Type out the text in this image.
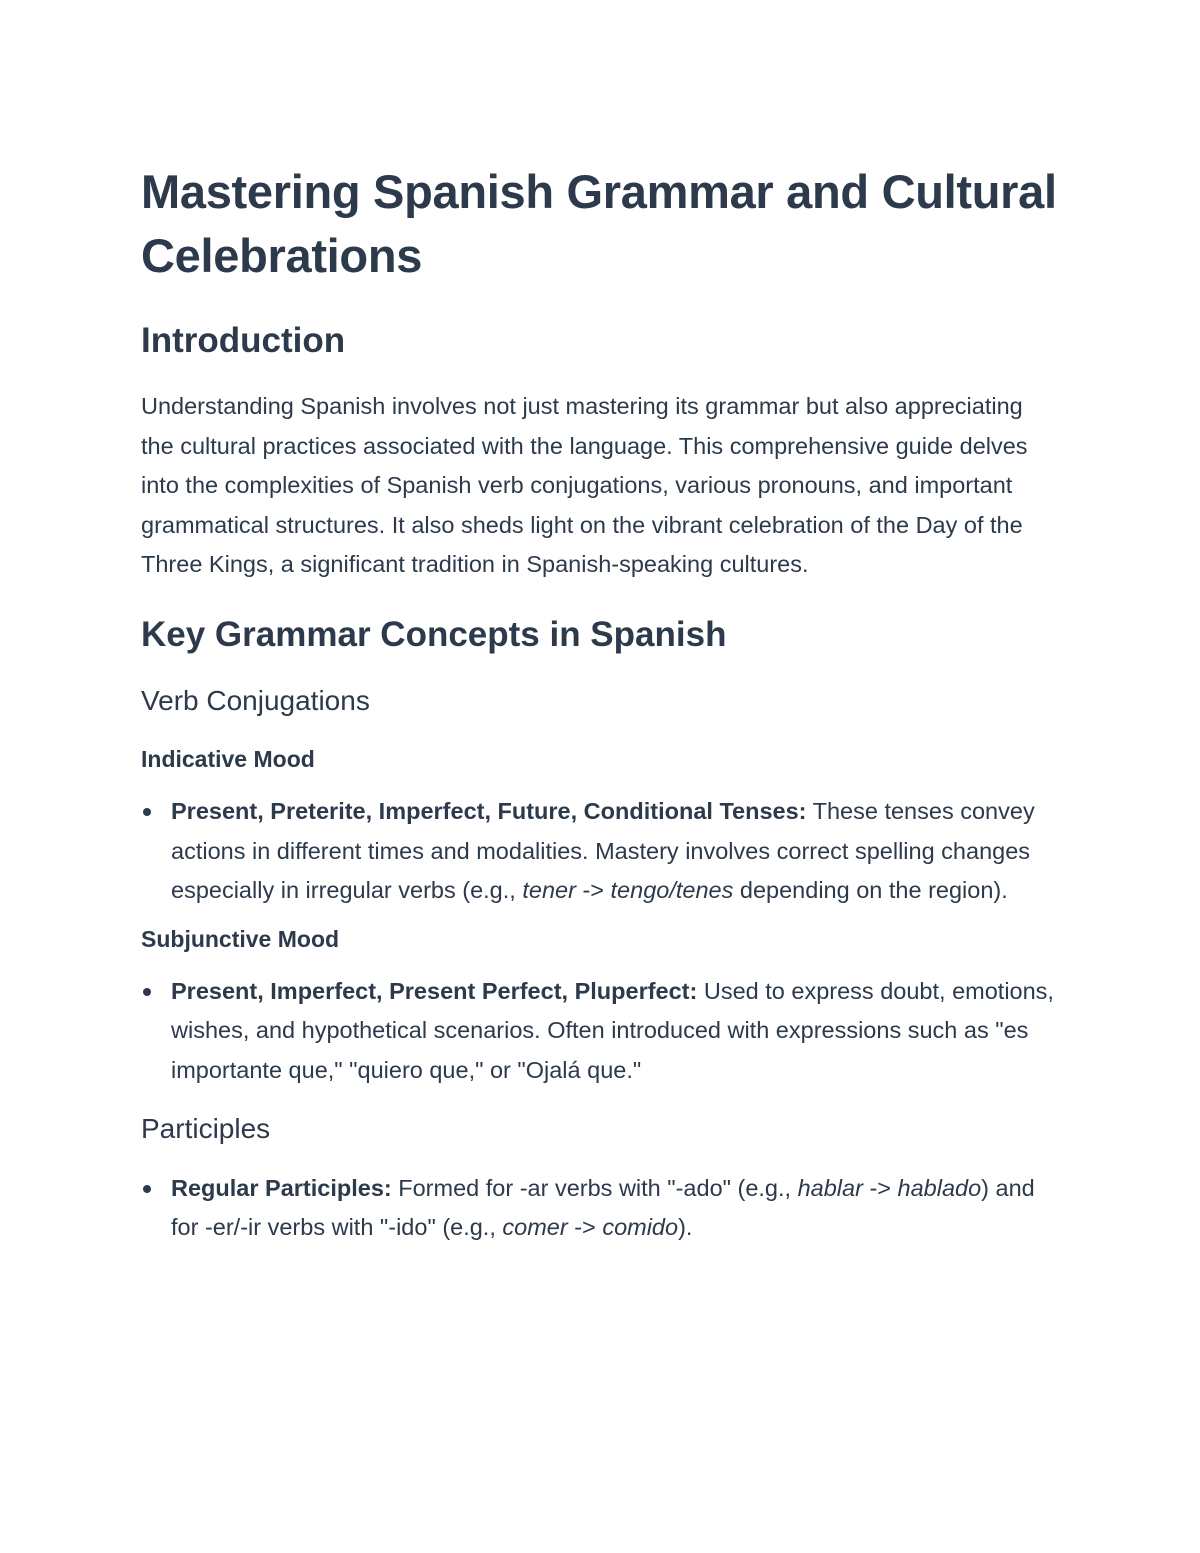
Mastering Spanish Grammar and Cultural Celebrations
Introduction

Understanding Spanish involves not just mastering its grammar but also appreciating the cultural practices associated with the language. This comprehensive guide delves into the complexities of Spanish verb conjugations, various pronouns, and important grammatical structures. It also sheds light on the vibrant celebration of the Day of the Three Kings, a significant tradition in Spanish-speaking cultures.

Key Grammar Concepts in Spanish
Verb Conjugations
Indicative Mood
Present, Preterite, Imperfect, Future, Conditional Tenses: These tenses convey actions in different times and modalities. Mastery involves correct spelling changes especially in irregular verbs (e.g., tener -> tengo/tenes depending on the region).
Subjunctive Mood
Present, Imperfect, Present Perfect, Pluperfect: Used to express doubt, emotions, wishes, and hypothetical scenarios. Often introduced with expressions such as "es importante que," "quiero que," or "Ojalá que."
Participles
Regular Participles: Formed for -ar verbs with "-ado" (e.g., hablar -> hablado) and for -er/-ir verbs with "-ido" (e.g., comer -> comido).
